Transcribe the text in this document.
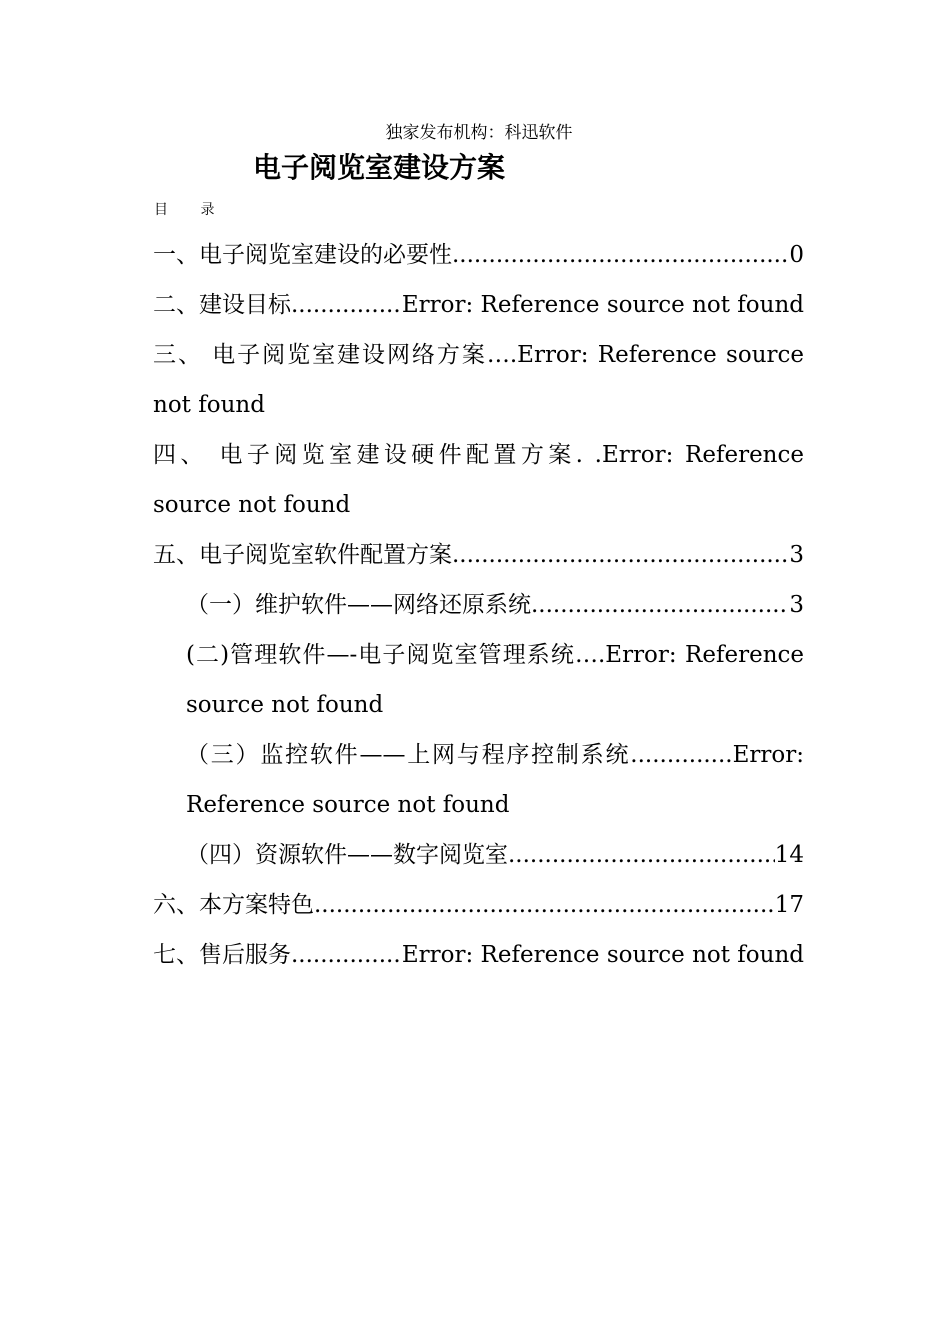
独家发布机构：科迅软件
电子阅览室建设方案
目 录
一、电子阅览室建设的必要性 .....	0
二、建设目标 .....	Error: Reference source not found
三、 电子阅览室建设网络方案….Error: Reference source not found
四、 电子阅览室建设硬件配置方案. .Error: Reference source not found
五、电子阅览室软件配置方案 .....	3
（一）维护软件——网络还原系统 .....	3
(二)管理软件—-电子阅览室管理系统….Error: Reference source not found
（三）监控软件——上网与程序控制系统..............Error: Reference source not found
（四）资源软件——数字阅览室 .....	14
六、本方案特色 .....	17
七、售后服务 .....	Error: Reference source not found
